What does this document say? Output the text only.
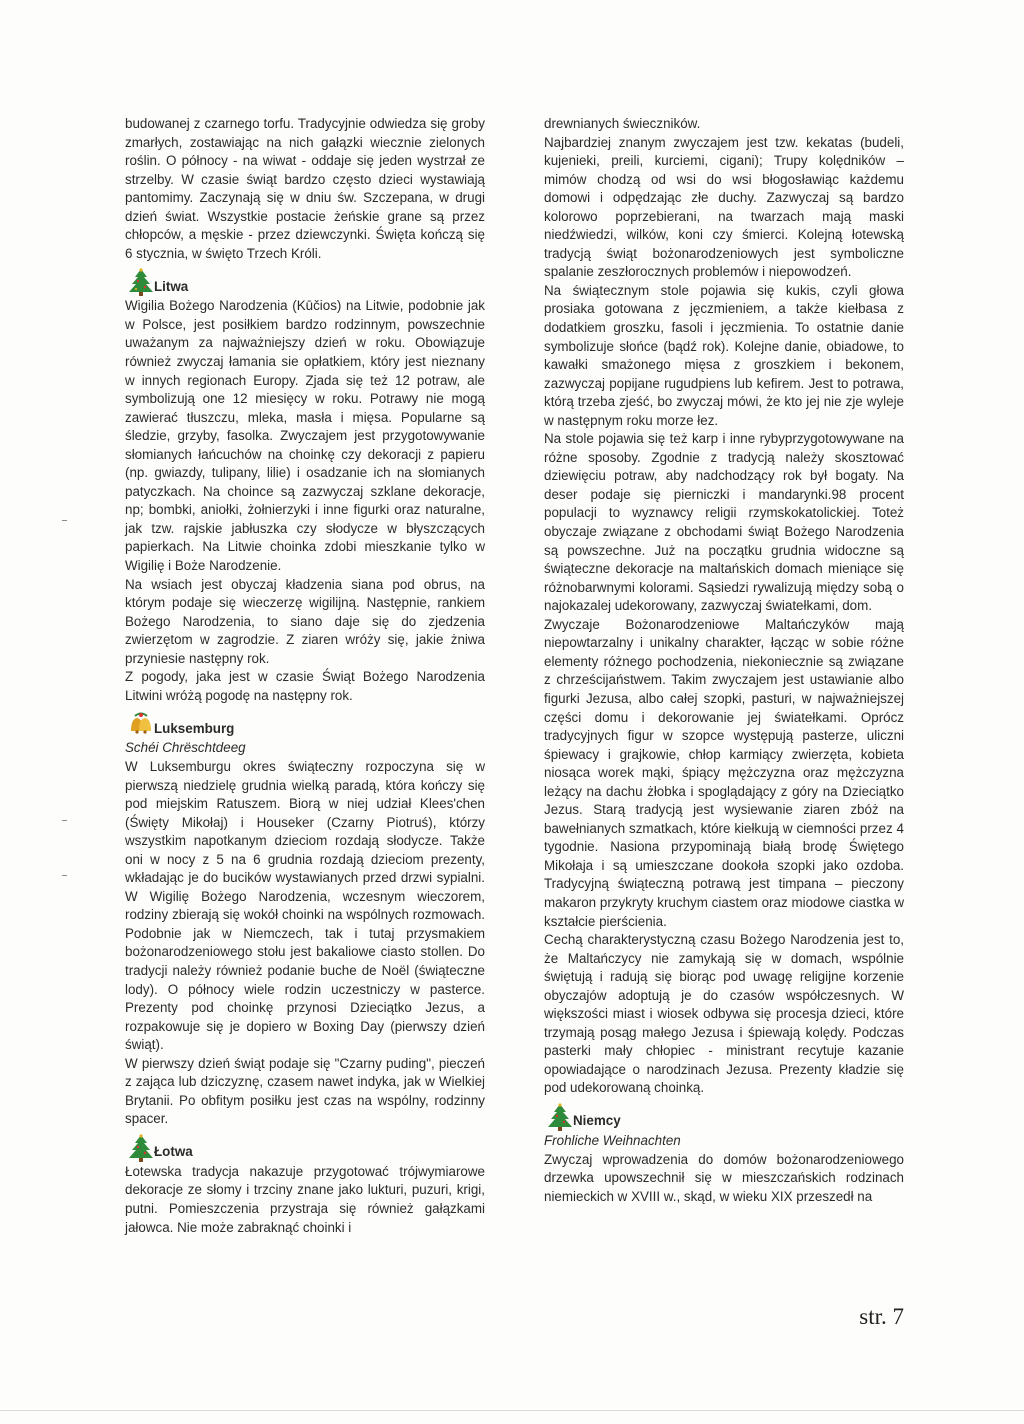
budowanej z czarnego torfu. Tradycyjnie odwiedza się groby zmarłych, zostawiając na nich gałązki wiecznie zielonych roślin. O północy - na wiwat - oddaje się jeden wystrzał ze strzelby. W czasie świąt bardzo często dzieci wystawiają pantomimy. Zaczynają się w dniu św. Szczepana, w drugi dzień świat. Wszystkie postacie żeńskie grane są przez chłopców, a męskie - przez dziewczynki. Święta kończą się 6 stycznia, w święto Trzech Króli.

Litwa

Wigilia Bożego Narodzenia (Kūčios) na Litwie, podobnie jak w Polsce, jest posiłkiem bardzo rodzinnym, powszechnie uważanym za najważniejszy dzień w roku. Obowiązuje również zwyczaj łamania sie opłatkiem, który jest nieznany w innych regionach Europy. Zjada się też 12 potraw, ale symbolizują one 12 miesięcy w roku. Potrawy nie mogą zawierać tłuszczu, mleka, masła i mięsa. Popularne są śledzie, grzyby, fasolka. Zwyczajem jest przygotowywanie słomianych łańcuchów na choinkę czy dekoracji z papieru (np. gwiazdy, tulipany, lilie) i osadzanie ich na słomianych patyczkach. Na choince są zazwyczaj szklane dekoracje, np; bombki, aniołki, żołnierzyki i inne figurki oraz naturalne, jak tzw. rajskie jabłuszka czy słodycze w błyszczących papierkach. Na Litwie choinka zdobi mieszkanie tylko w Wigilię i Boże Narodzenie.

Na wsiach jest obyczaj kładzenia siana pod obrus, na którym podaje się wieczerzę wigilijną. Następnie, rankiem Bożego Narodzenia, to siano daje się do zjedzenia zwierzętom w zagrodzie. Z ziaren wróży się, jakie żniwa przyniesie następny rok.

Z pogody, jaka jest w czasie Świąt Bożego Narodzenia Litwini wróżą pogodę na następny rok.

Luksemburg

Schéi Chrëschtdeeg

W Luksemburgu okres świąteczny rozpoczyna się w pierwszą niedzielę grudnia wielką paradą, która kończy się pod miejskim Ratuszem. Biorą w niej udział Klees'chen (Święty Mikołaj) i Houseker (Czarny Piotruś), którzy wszystkim napotkanym dzieciom rozdają słodycze. Także oni w nocy z 5 na 6 grudnia rozdają dzieciom prezenty, wkładając je do bucików wystawianych przed drzwi sypialni. W Wigilię Bożego Narodzenia, wczesnym wieczorem, rodziny zbierają się wokół choinki na wspólnych rozmowach. Podobnie jak w Niemczech, tak i tutaj przysmakiem bożonarodzeniowego stołu jest bakaliowe ciasto stollen. Do tradycji należy również podanie buche de Noël (świąteczne lody). O północy wiele rodzin uczestniczy w pasterce. Prezenty pod choinkę przynosi Dzieciątko Jezus, a rozpakowuje się je dopiero w Boxing Day (pierwszy dzień świąt).

W pierwszy dzień świąt podaje się "Czarny puding", pieczeń z zająca lub dziczyznę, czasem nawet indyka, jak w Wielkiej Brytanii. Po obfitym posiłku jest czas na wspólny, rodzinny spacer.

Łotwa

Łotewska tradycja nakazuje przygotować trójwymiarowe dekoracje ze słomy i trzciny znane jako lukturi, puzuri, krigi, putni. Pomieszczenia przystraja się również gałązkami jałowca. Nie może zabraknąć choinki i

drewnianych świeczników.

Najbardziej znanym zwyczajem jest tzw. kekatas (budeli, kujenieki, preili, kurciemi, cigani); Trupy kolędników – mimów chodzą od wsi do wsi błogosławiąc każdemu domowi i odpędzając złe duchy. Zazwyczaj są bardzo kolorowo poprzebierani, na twarzach mają maski niedźwiedzi, wilków, koni czy śmierci. Kolejną łotewską tradycją świąt bożonarodzeniowych jest symboliczne spalanie zeszłorocznych problemów i niepowodzeń.

Na świątecznym stole pojawia się kukis, czyli głowa prosiaka gotowana z jęczmieniem, a także kiełbasa z dodatkiem groszku, fasoli i jęczmienia. To ostatnie danie symbolizuje słońce (bądź rok). Kolejne danie, obiadowe, to kawałki smażonego mięsa z groszkiem i bekonem, zazwyczaj popijane rugudpiens lub kefirem. Jest to potrawa, którą trzeba zjeść, bo zwyczaj mówi, że kto jej nie zje wyleje w następnym roku morze łez.

Na stole pojawia się też karp i inne rybyprzygotowywane na różne sposoby. Zgodnie z tradycją należy skosztować dziewięciu potraw, aby nadchodzący rok był bogaty. Na deser podaje się pierniczki i mandarynki.98 procent populacji to wyznawcy religii rzymskokatolickiej. Toteż obyczaje związane z obchodami świąt Bożego Narodzenia są powszechne. Już na początku grudnia widoczne są świąteczne dekoracje na maltańskich domach mieniące się różnobarwnymi kolorami. Sąsiedzi rywalizują między sobą o najokazalej udekorowany, zazwyczaj światełkami, dom.

Zwyczaje Bożonarodzeniowe Maltańczyków mają niepowtarzalny i unikalny charakter, łącząc w sobie różne elementy różnego pochodzenia, niekoniecznie są związane z chrześcijaństwem. Takim zwyczajem jest ustawianie albo figurki Jezusa, albo całej szopki, pasturi, w najważniejszej części domu i dekorowanie jej światełkami. Oprócz tradycyjnych figur w szopce występują pasterze, uliczni śpiewacy i grajkowie, chłop karmiący zwierzęta, kobieta niosąca worek mąki, śpiący mężczyzna oraz mężczyzna leżący na dachu żłobka i spoglądający z góry na Dzieciątko Jezus. Starą tradycją jest wysiewanie ziaren zbóż na bawełnianych szmatkach, które kiełkują w ciemności przez 4 tygodnie. Nasiona przypominają białą brodę Świętego Mikołaja i są umieszczane dookoła szopki jako ozdoba. Tradycyjną świąteczną potrawą jest timpana – pieczony makaron przykryty kruchym ciastem oraz miodowe ciastka w kształcie pierścienia.

Cechą charakterystyczną czasu Bożego Narodzenia jest to, że Maltańczycy nie zamykają się w domach, wspólnie świętują i radują się biorąc pod uwagę religijne korzenie obyczajów adoptują je do czasów współczesnych. W większości miast i wiosek odbywa się procesja dzieci, które trzymają posąg małego Jezusa i śpiewają kolędy. Podczas pasterki mały chłopiec - ministrant recytuje kazanie opowiadające o narodzinach Jezusa. Prezenty kładzie się pod udekorowaną choinką.

Niemcy

Frohliche Weihnachten

Zwyczaj wprowadzenia do domów bożonarodzeniowego drzewka upowszechnił się w mieszczańskich rodzinach niemieckich w XVIII w., skąd, w wieku XIX przeszedł na

str. 7
